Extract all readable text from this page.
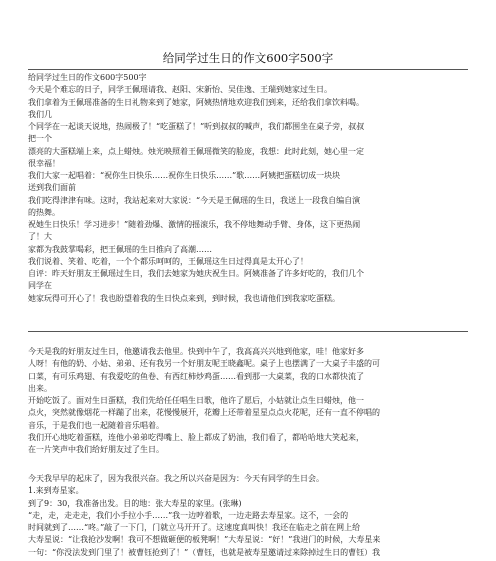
给同学过生日的作文600字500字

给同学过生日的作文600字500字

今天是个难忘的日子，同学王佩瑶请我、赵阳、宋新怡、吴佳逸、王瑞到她家过生日。

我们拿着为王佩瑶准备的生日礼物来到了她家，阿姨热情地欢迎我们到来，还给我们拿饮料喝。

我们几

个同学在一起谈天说地，热闹极了！“吃蛋糕了！”听到叔叔的喊声，我们都围坐在桌子旁，叔叔

把一个

漂亮的大蛋糕端上来，点上蜡烛。烛光映照着王佩瑶微笑的脸庞，我想：此时此刻，她心里一定

很幸福！

我们大家一起唱着：“祝你生日快乐……祝你生日快乐……”歌……阿姨把蛋糕切成一块块

送到我们面前

我们吃得津津有味。这时，我站起来对大家说：“今天是王佩瑶的生日，我送上一段我自编自演

的热舞。

祝她生日快乐！学习进步！”随着劲爆、激情的摇滚乐，我不停地舞动手臂、身体，这下更热闹

了！大

家都为我鼓掌喝彩，把王佩瑶的生日推向了高潮……

我们说着、笑着、吃着，一个个都乐呵呵的，王佩瑶这生日过得真是太开心了！

自评：昨天好朋友王佩瑶过生日，我们去她家为她庆祝生日。阿姨准备了许多好吃的，我们几个

同学在

她家玩得可开心了！我也盼望着我的生日快点来到，到时候，我也请他们到我家吃蛋糕。

今天是我的好朋友过生日，他邀请我去他里。快到中午了，我高高兴兴地到他家，哇！他家好多

人呀！有他的奶、小姑、弟弟、还有我另一个好朋友呢王晓鑫呢。桌子上也摆满了一大桌子丰盛的可

口菜，有可乐鸡翅、有我爱吃的鱼卷、有西红柿炒鸡蛋……看到那一大桌菜，我的口水都快流了

出来。

开始吃饭了。面对生日蛋糕，我们先给任任唱生日歌，他许了愿后，小姑就让点生日蜡烛，他一

点火，突然就像烟花一样蹦了出来，花慢慢展开，花瓣上还带着星星点点火花呢，还有一直不停唱的

音乐，于是我们也一起随着音乐唱着。

我们开心地吃着蛋糕，连他小弟弟吃得嘴上、脸上都成了奶油，我们看了，都哈哈地大笑起来，

在一片笑声中我们给好朋友过了生日。

今天我早早的起床了，因为我很兴奋。我之所以兴奋是因为：今天有同学的生日会。

1.来到寿星家。

到了9：30，我准备出发。目的地：张大寿星的家里。(张琳)

“走，走，走走走，我们小手拉小手……”我一边哼着歌，一边走路去寿星家。这不，一会的

时间就到了……“咚。”敲了一下门，门就立马开开了。这速度真叫快！我还在临走之前在网上给

大寿星说：“让我抢沙发啊！我可不想做砸便的板凳啊！”大寿星说：“好！”我进门的时候，大寿星来

一句：“你没法发到门里了！被曹钰抢到了！”（曹钰，也就是被寿星邀请过来除掉过生日的曹钰）我
